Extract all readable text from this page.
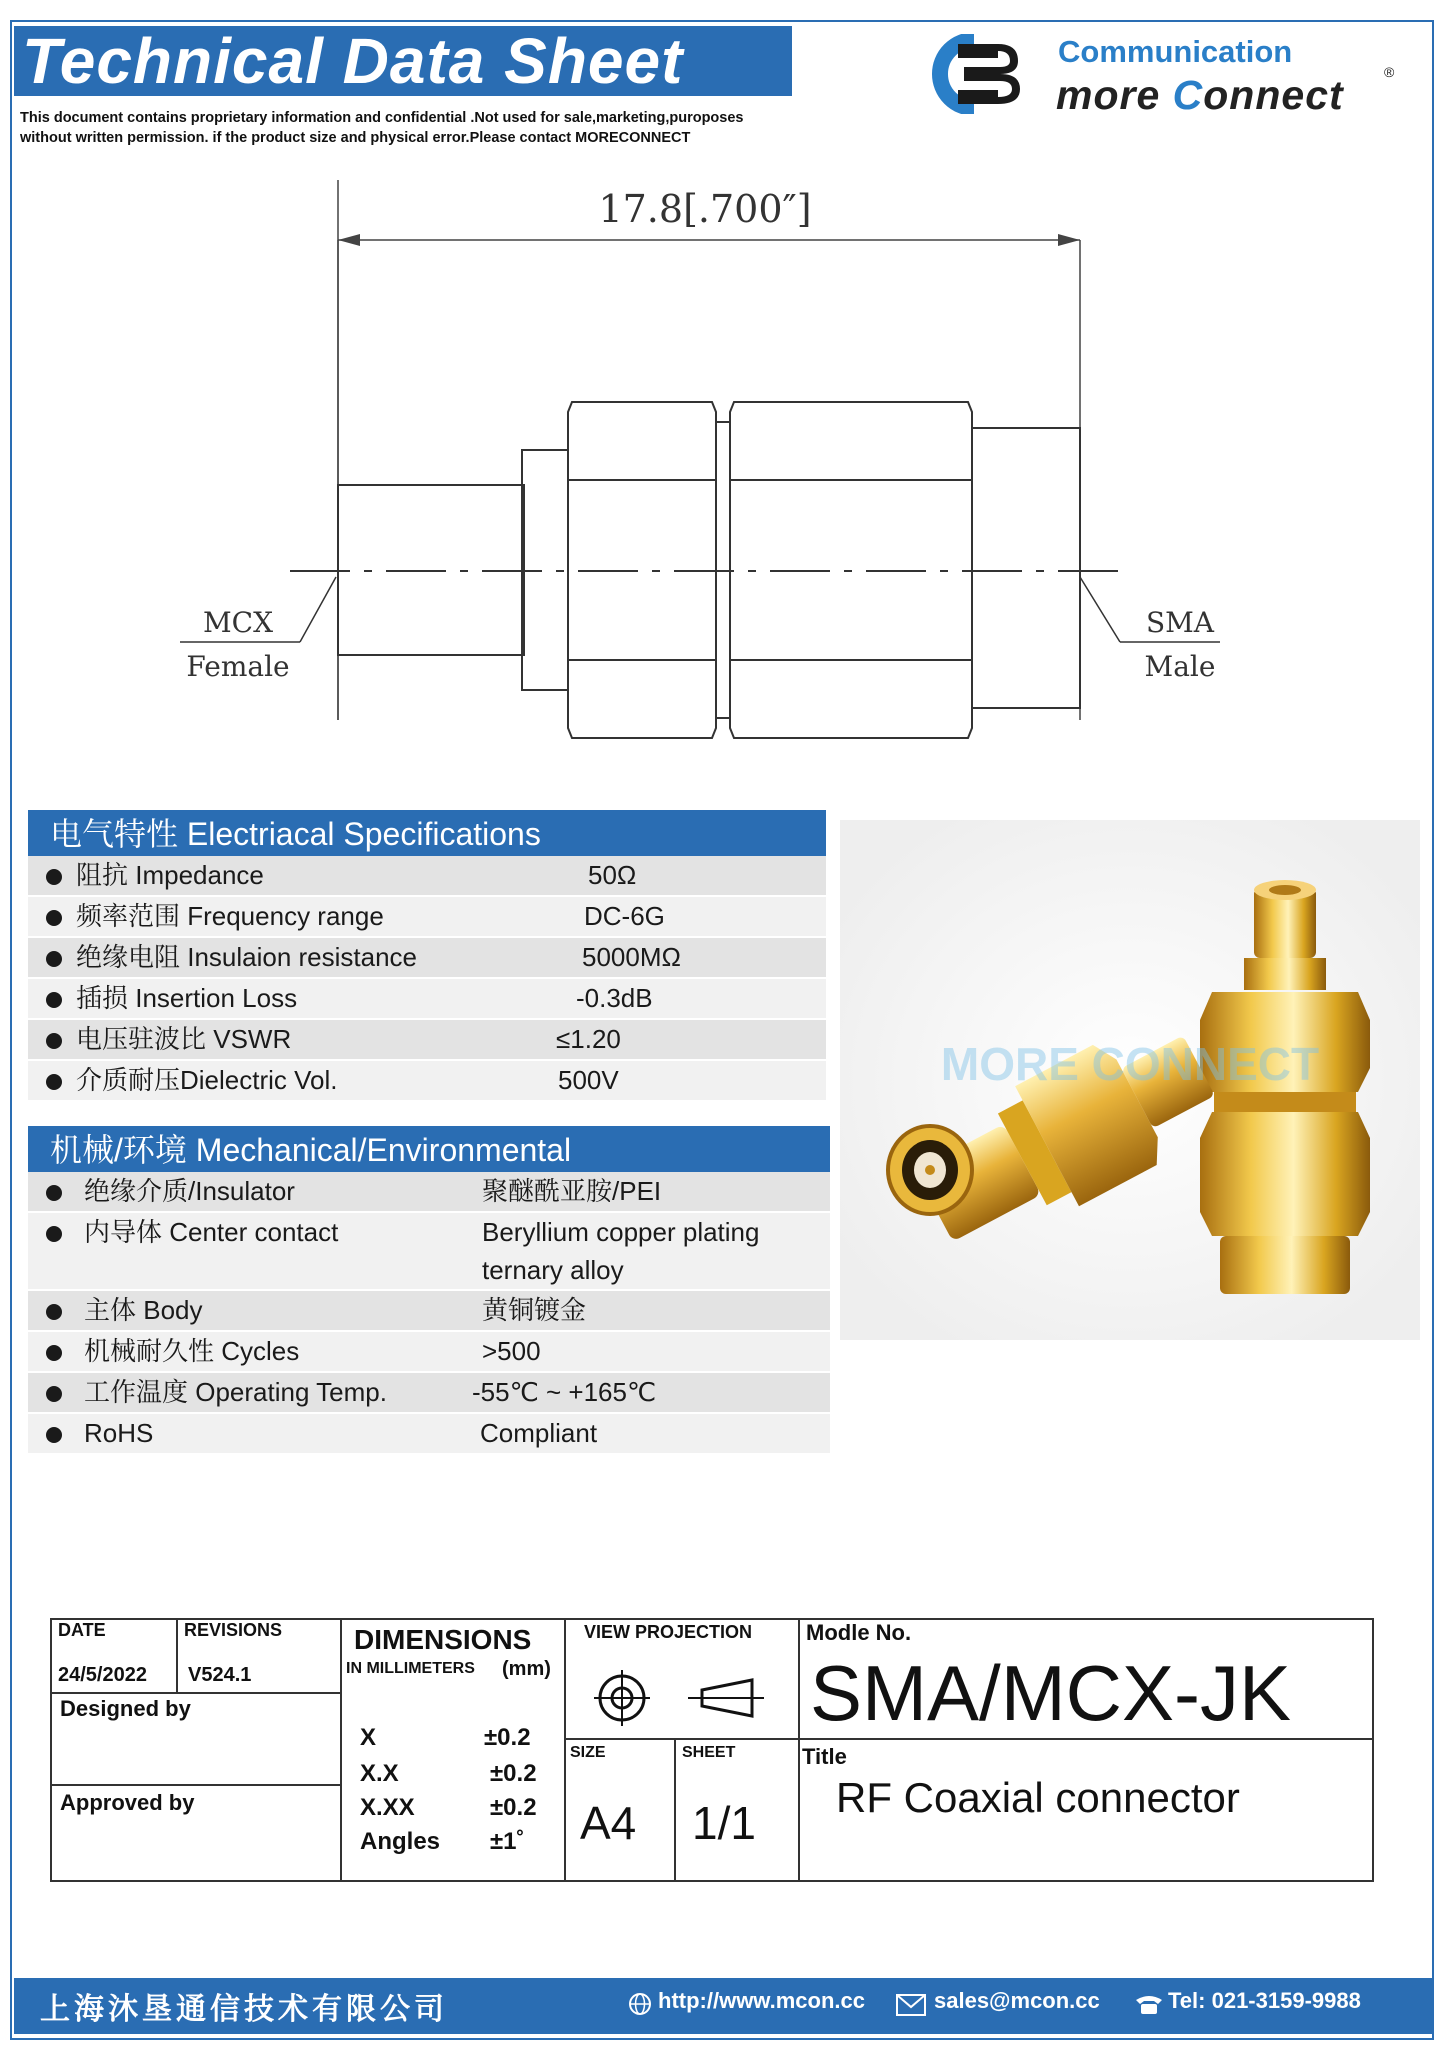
Technical Data Sheet
This document contains proprietary information and confidential .Not used for sale,marketing,puroposes
without written permission. if the product size and physical error.Please contact MORECONNECT
Communication
more Connect	®
17.8[.700″]
MCX
Female
SMA
Male
电气特性 Electriacal Specifications
阻抗 Impedance	50Ω
频率范围 Frequency range	DC-6G
绝缘电阻 Insulaion resistance	5000MΩ
插损 Insertion Loss	-0.3dB
电压驻波比 VSWR	≤1.20
介质耐压Dielectric Vol.	500V
机械/环境 Mechanical/Environmental
绝缘介质/Insulator	聚醚酰亚胺/PEI
内导体 Center contact	Beryllium copper plating
ternary alloy
主体 Body	黄铜镀金
机械耐久性 Cycles	>500
工作温度 Operating Temp.	-55℃ ~ +165℃
RoHS	Compliant
MORE CONNECT
DATE
24/5/2022
REVISIONS
V524.1
Designed by
Approved by
DIMENSIONS
IN MILLIMETERS (mm)
X	±0.2
X.X	±0.2
X.XX	±0.2
Angles ±1˚
VIEW PROJECTION
SIZE
A4
SHEET
1/1
Modle No.
SMA/MCX-JK
Title
RF Coaxial connector
上海沐垦通信技术有限公司	http://www.mcon.cc	sales@mcon.cc	Tel: 021-3159-9988
